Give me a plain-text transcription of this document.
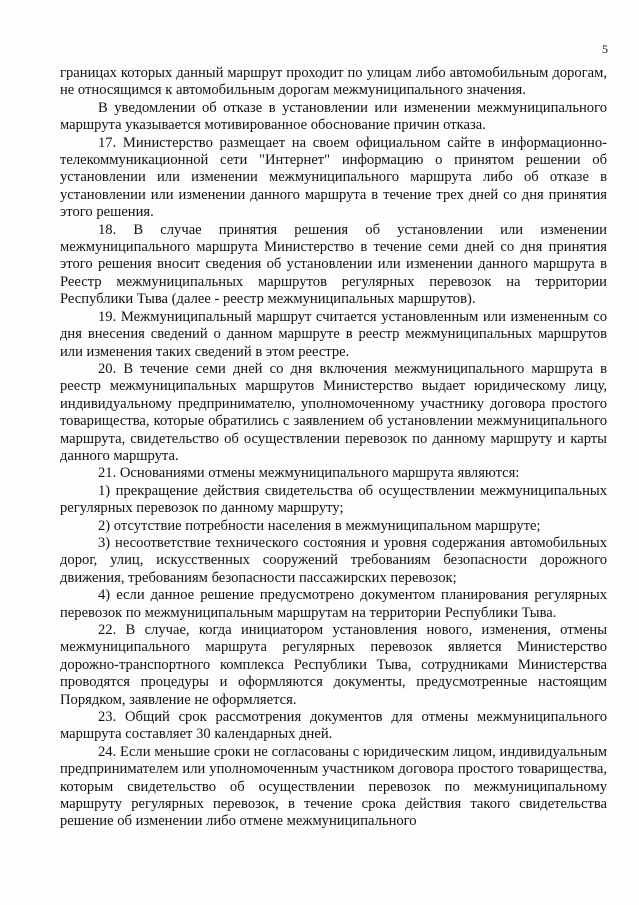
5

границах которых данный маршрут проходит по улицам либо автомобильным дорогам, не относящимся к автомобильным дорогам межмуниципального значения.

В уведомлении об отказе в установлении или изменении межмуниципального маршрута указывается мотивированное обоснование причин отказа.

17. Министерство размещает на своем официальном сайте в информационно-телекоммуникационной сети "Интернет" информацию о принятом решении об установлении или изменении межмуниципального маршрута либо об отказе в установлении или изменении данного маршрута в течение трех дней со дня принятия этого решения.

18. В случае принятия решения об установлении или изменении межмуниципального маршрута Министерство в течение семи дней со дня принятия этого решения вносит сведения об установлении или изменении данного маршрута в Реестр межмуниципальных маршрутов регулярных перевозок на территории Республики Тыва (далее - реестр межмуниципальных маршрутов).

19. Межмуниципальный маршрут считается установленным или измененным со дня внесения сведений о данном маршруте в реестр межмуниципальных маршрутов или изменения таких сведений в этом реестре.

20. В течение семи дней со дня включения межмуниципального маршрута в реестр межмуниципальных маршрутов Министерство выдает юридическому лицу, индивидуальному предпринимателю, уполномоченному участнику договора простого товарищества, которые обратились с заявлением об установлении межмуниципального маршрута, свидетельство об осуществлении перевозок по данному маршруту и карты данного маршрута.

21. Основаниями отмены межмуниципального маршрута являются:

1) прекращение действия свидетельства об осуществлении межмуниципальных регулярных перевозок по данному маршруту;

2) отсутствие потребности населения в межмуниципальном маршруте;

3) несоответствие технического состояния и уровня содержания автомобильных дорог, улиц, искусственных сооружений требованиям безопасности дорожного движения, требованиям безопасности пассажирских перевозок;

4) если данное решение предусмотрено документом планирования регулярных перевозок по межмуниципальным маршрутам на территории Республики Тыва.

22. В случае, когда инициатором установления нового, изменения, отмены межмуниципального маршрута регулярных перевозок является Министерство дорожно-транспортного комплекса Республики Тыва, сотрудниками Министерства проводятся процедуры и оформляются документы, предусмотренные настоящим Порядком, заявление не оформляется.

23. Общий срок рассмотрения документов для отмены межмуниципального маршрута составляет 30 календарных дней.

24. Если меньшие сроки не согласованы с юридическим лицом, индивидуальным предпринимателем или уполномоченным участником договора простого товарищества, которым свидетельство об осуществлении перевозок по межмуниципальному маршруту регулярных перевозок, в течение срока действия такого свидетельства решение об изменении либо отмене межмуниципального
